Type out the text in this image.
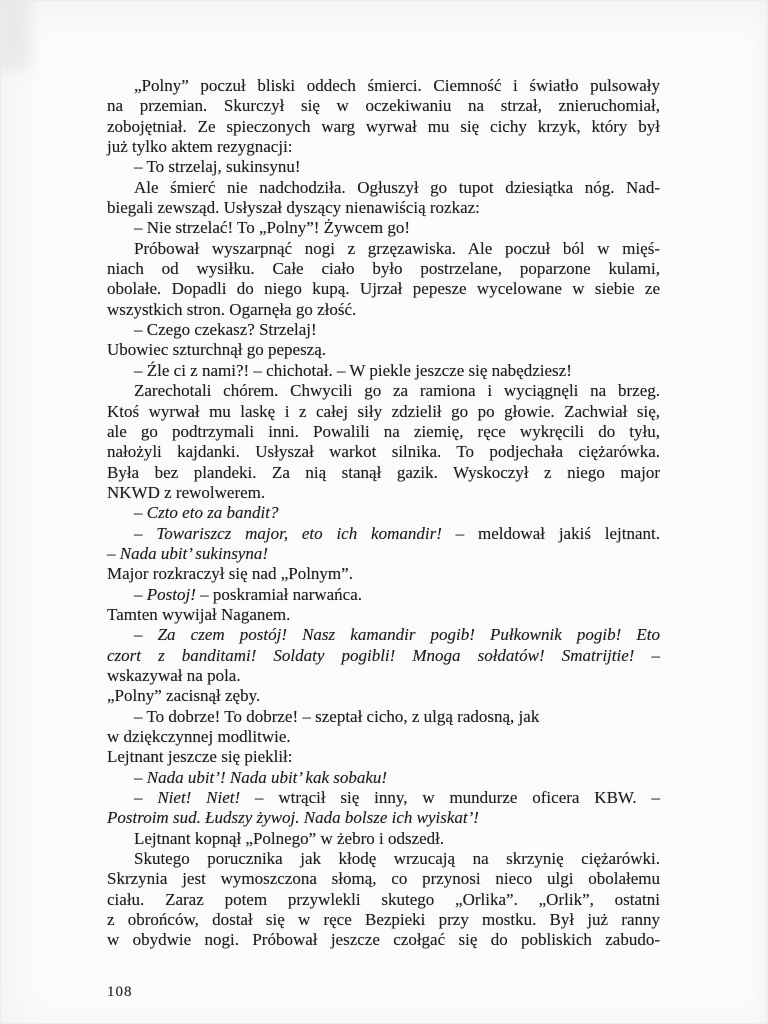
„Polny” poczuł bliski oddech śmierci. Ciemność i światło pulsowały
na przemian. Skurczył się w oczekiwaniu na strzał, znieruchomiał,
zobojętniał. Ze spieczonych warg wyrwał mu się cichy krzyk, który był
już tylko aktem rezygnacji:
– To strzelaj, sukinsynu!
Ale śmierć nie nadchodziła. Ogłuszył go tupot dziesiątka nóg. Nad-
biegali zewsząd. Usłyszał dyszący nienawiścią rozkaz:
– Nie strzelać! To „Polny”! Żywcem go!
Próbował wyszarpnąć nogi z grzęzawiska. Ale poczuł ból w mięś-
niach od wysiłku. Całe ciało było postrzelane, poparzone kulami,
obolałe. Dopadli do niego kupą. Ujrzał pepesze wycelowane w siebie ze
wszystkich stron. Ogarnęła go złość.
– Czego czekasz? Strzelaj!
Ubowiec szturchnął go pepeszą.
– Źle ci z nami?! – chichotał. – W piekle jeszcze się nabędziesz!
Zarechotali chórem. Chwycili go za ramiona i wyciągnęli na brzeg.
Ktoś wyrwał mu laskę i z całej siły zdzielił go po głowie. Zachwiał się,
ale go podtrzymali inni. Powalili na ziemię, ręce wykręcili do tyłu,
nałożyli kajdanki. Usłyszał warkot silnika. To podjechała ciężarówka.
Była bez plandeki. Za nią stanął gazik. Wyskoczył z niego major
NKWD z rewolwerem.
– Czto eto za bandit?
– Towariszcz major, eto ich komandir! – meldował jakiś lejtnant.
– Nada ubit’ sukinsyna!
Major rozkraczył się nad „Polnym”.
– Postoj! – poskramiał narwańca.
Tamten wywijał Naganem.
– Za czem postój! Nasz kamandir pogib! Pułkownik pogib! Eto
czort z banditami! Soldaty pogibli! Mnoga sołdatów! Smatrijtie! –
wskazywał na pola.
„Polny” zacisnął zęby.
– To dobrze! To dobrze! – szeptał cicho, z ulgą radosną, jak
w dziękczynnej modlitwie.
Lejtnant jeszcze się pieklił:
– Nada ubit’! Nada ubit’ kak sobaku!
– Niet! Niet! – wtrącił się inny, w mundurze oficera KBW. –
Postroim sud. Łudszy żywoj. Nada bolsze ich wyiskat’!
Lejtnant kopnął „Polnego” w żebro i odszedł.
Skutego porucznika jak kłodę wrzucają na skrzynię ciężarówki.
Skrzynia jest wymoszczona słomą, co przynosi nieco ulgi obolałemu
ciału. Zaraz potem przywlekli skutego „Orlika”. „Orlik”, ostatni
z obrońców, dostał się w ręce Bezpieki przy mostku. Był już ranny
w obydwie nogi. Próbował jeszcze czołgać się do pobliskich zabudo-
108
